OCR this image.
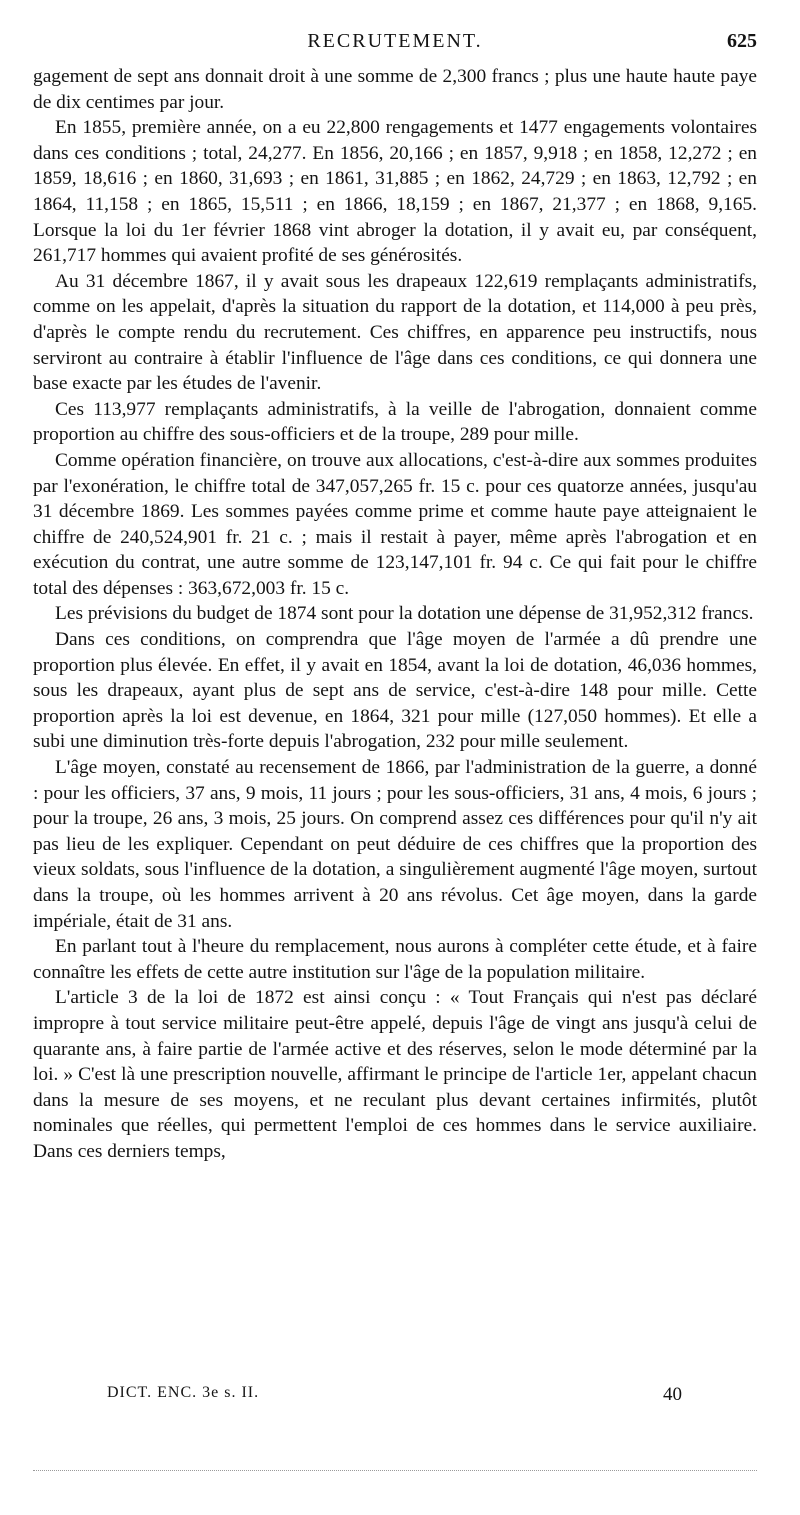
RECRUTEMENT.	625

gagement de sept ans donnait droit à une somme de 2,300 francs ; plus une haute haute paye de dix centimes par jour.

En 1855, première année, on a eu 22,800 rengagements et 1477 engagements volontaires dans ces conditions ; total, 24,277. En 1856, 20,166 ; en 1857, 9,918 ; en 1858, 12,272 ; en 1859, 18,616 ; en 1860, 31,693 ; en 1861, 31,885 ; en 1862, 24,729 ; en 1863, 12,792 ; en 1864, 11,158 ; en 1865, 15,511 ; en 1866, 18,159 ; en 1867, 21,377 ; en 1868, 9,165. Lorsque la loi du 1er février 1868 vint abroger la dotation, il y avait eu, par conséquent, 261,717 hommes qui avaient profité de ses générosités.

Au 31 décembre 1867, il y avait sous les drapeaux 122,619 remplaçants administratifs, comme on les appelait, d'après la situation du rapport de la dotation, et 114,000 à peu près, d'après le compte rendu du recrutement. Ces chiffres, en apparence peu instructifs, nous serviront au contraire à établir l'influence de l'âge dans ces conditions, ce qui donnera une base exacte par les études de l'avenir.

Ces 113,977 remplaçants administratifs, à la veille de l'abrogation, donnaient comme proportion au chiffre des sous-officiers et de la troupe, 289 pour mille.

Comme opération financière, on trouve aux allocations, c'est-à-dire aux sommes produites par l'exonération, le chiffre total de 347,057,265 fr. 15 c. pour ces quatorze années, jusqu'au 31 décembre 1869. Les sommes payées comme prime et comme haute paye atteignaient le chiffre de 240,524,901 fr. 21 c. ; mais il restait à payer, même après l'abrogation et en exécution du contrat, une autre somme de 123,147,101 fr. 94 c. Ce qui fait pour le chiffre total des dépenses : 363,672,003 fr. 15 c.

Les prévisions du budget de 1874 sont pour la dotation une dépense de 31,952,312 francs.

Dans ces conditions, on comprendra que l'âge moyen de l'armée a dû prendre une proportion plus élevée. En effet, il y avait en 1854, avant la loi de dotation, 46,036 hommes, sous les drapeaux, ayant plus de sept ans de service, c'est-à-dire 148 pour mille. Cette proportion après la loi est devenue, en 1864, 321 pour mille (127,050 hommes). Et elle a subi une diminution très-forte depuis l'abrogation, 232 pour mille seulement.

L'âge moyen, constaté au recensement de 1866, par l'administration de la guerre, a donné : pour les officiers, 37 ans, 9 mois, 11 jours ; pour les sous-officiers, 31 ans, 4 mois, 6 jours ; pour la troupe, 26 ans, 3 mois, 25 jours. On comprend assez ces différences pour qu'il n'y ait pas lieu de les expliquer. Cependant on peut déduire de ces chiffres que la proportion des vieux soldats, sous l'influence de la dotation, a singulièrement augmenté l'âge moyen, surtout dans la troupe, où les hommes arrivent à 20 ans révolus. Cet âge moyen, dans la garde impériale, était de 31 ans.

En parlant tout à l'heure du remplacement, nous aurons à compléter cette étude, et à faire connaître les effets de cette autre institution sur l'âge de la population militaire.

L'article 3 de la loi de 1872 est ainsi conçu : « Tout Français qui n'est pas déclaré impropre à tout service militaire peut-être appelé, depuis l'âge de vingt ans jusqu'à celui de quarante ans, à faire partie de l'armée active et des réserves, selon le mode déterminé par la loi. » C'est là une prescription nouvelle, affirmant le principe de l'article 1er, appelant chacun dans la mesure de ses moyens, et ne reculant plus devant certaines infirmités, plutôt nominales que réelles, qui permettent l'emploi de ces hommes dans le service auxiliaire. Dans ces derniers temps,

DICT. ENC. 3e s. II.	40
